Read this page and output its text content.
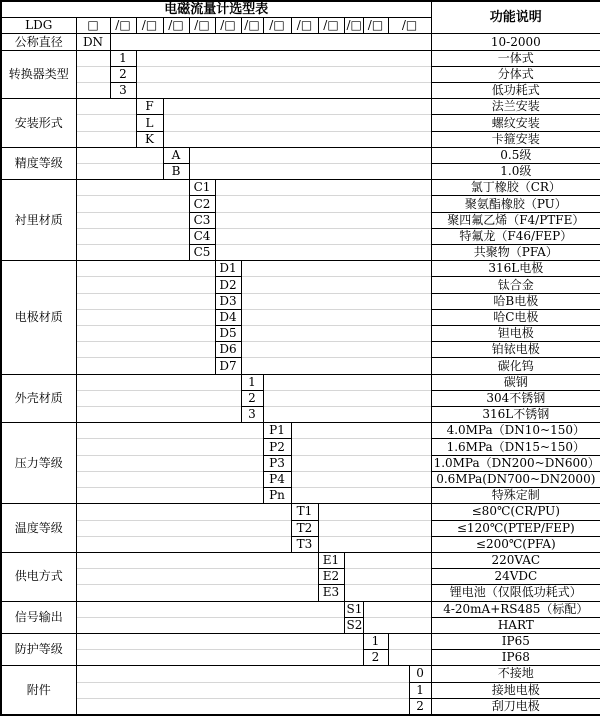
电磁流量计选型表															功能说明
LDG	□	/□	/□	/□	/□	/□	/□	/□	/□	/□	/□	/□	/□		
公称直径	DN														10-2000
转换器类型		1													一体式
		2													分体式
		3													低功耗式
安装形式			F												法兰安装
			L												螺纹安装
			K												卡箍安装
精度等级				A											0.5级
				B											1.0级
衬里材质					C1										氯丁橡胶（CR）
					C2										聚氨酯橡胶（PU）
					C3										聚四氟乙烯（F4/PTFE）
					C4										特氟龙（F46/FEP）
					C5										共聚物（PFA）
电极材质						D1									316L电极
						D2									钛合金
						D3									哈B电极
						D4									哈C电极
						D5									钽电极
						D6									铂铱电极
						D7									碳化钨
外壳材质							1								碳钢
							2								304不锈钢
							3								316L不锈钢
压力等级								P1							4.0MPa（DN10~150）
								P2							1.6MPa（DN15~150）
								P3							1.0MPa（DN200~DN600）
								P4							0.6MPa(DN700~DN2000)
								Pn							特殊定制
温度等级									T1						≤80℃(CR/PU)
									T2						≤120℃(PTEP/FEP)
									T3						≤200℃(PFA)
供电方式										E1					220VAC
										E2					24VDC
										E3					锂电池（仅限低功耗式）
信号输出											S1				4-20mA+RS485（标配）
											S2				HART
防护等级												1			IP65
												2			IP68
附件														0	不接地
														1	接地电极
														2	刮刀电极
